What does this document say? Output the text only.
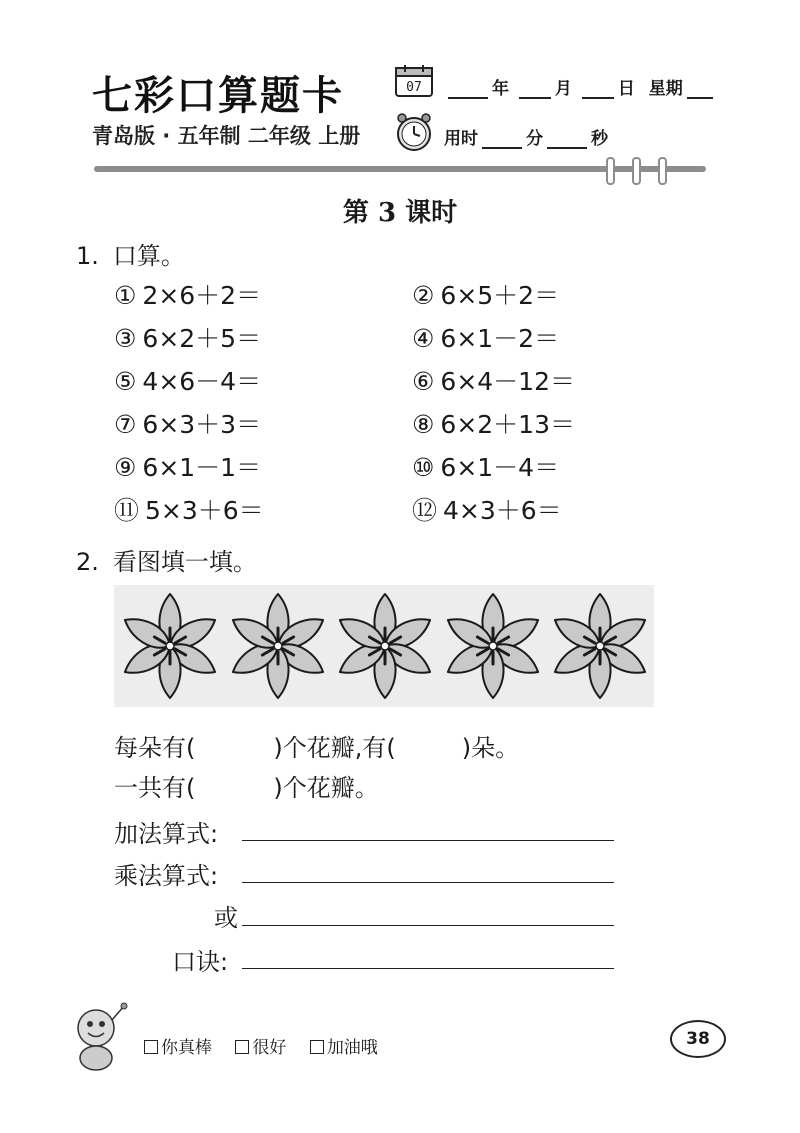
七彩口算题卡
青岛版 · 五年制 二年级 上册
07	年	月	日 星期
用时	分	秒
第 3 课时
1. 口算。
① 2×6＋2＝	② 6×5＋2＝
③ 6×2＋5＝	④ 6×1－2＝
⑤ 4×6－4＝	⑥ 6×4－12＝
⑦ 6×3＋3＝	⑧ 6×2＋13＝
⑨ 6×1－1＝	⑩ 6×1－4＝
⑪ 5×3＋6＝	⑫ 4×3＋6＝
2. 看图填一填。
每朵有(	)个花瓣,有(	)朵。
一共有(	)个花瓣。
加法算式:
乘法算式:
或
口诀:
你真棒 很好 加油哦	38
